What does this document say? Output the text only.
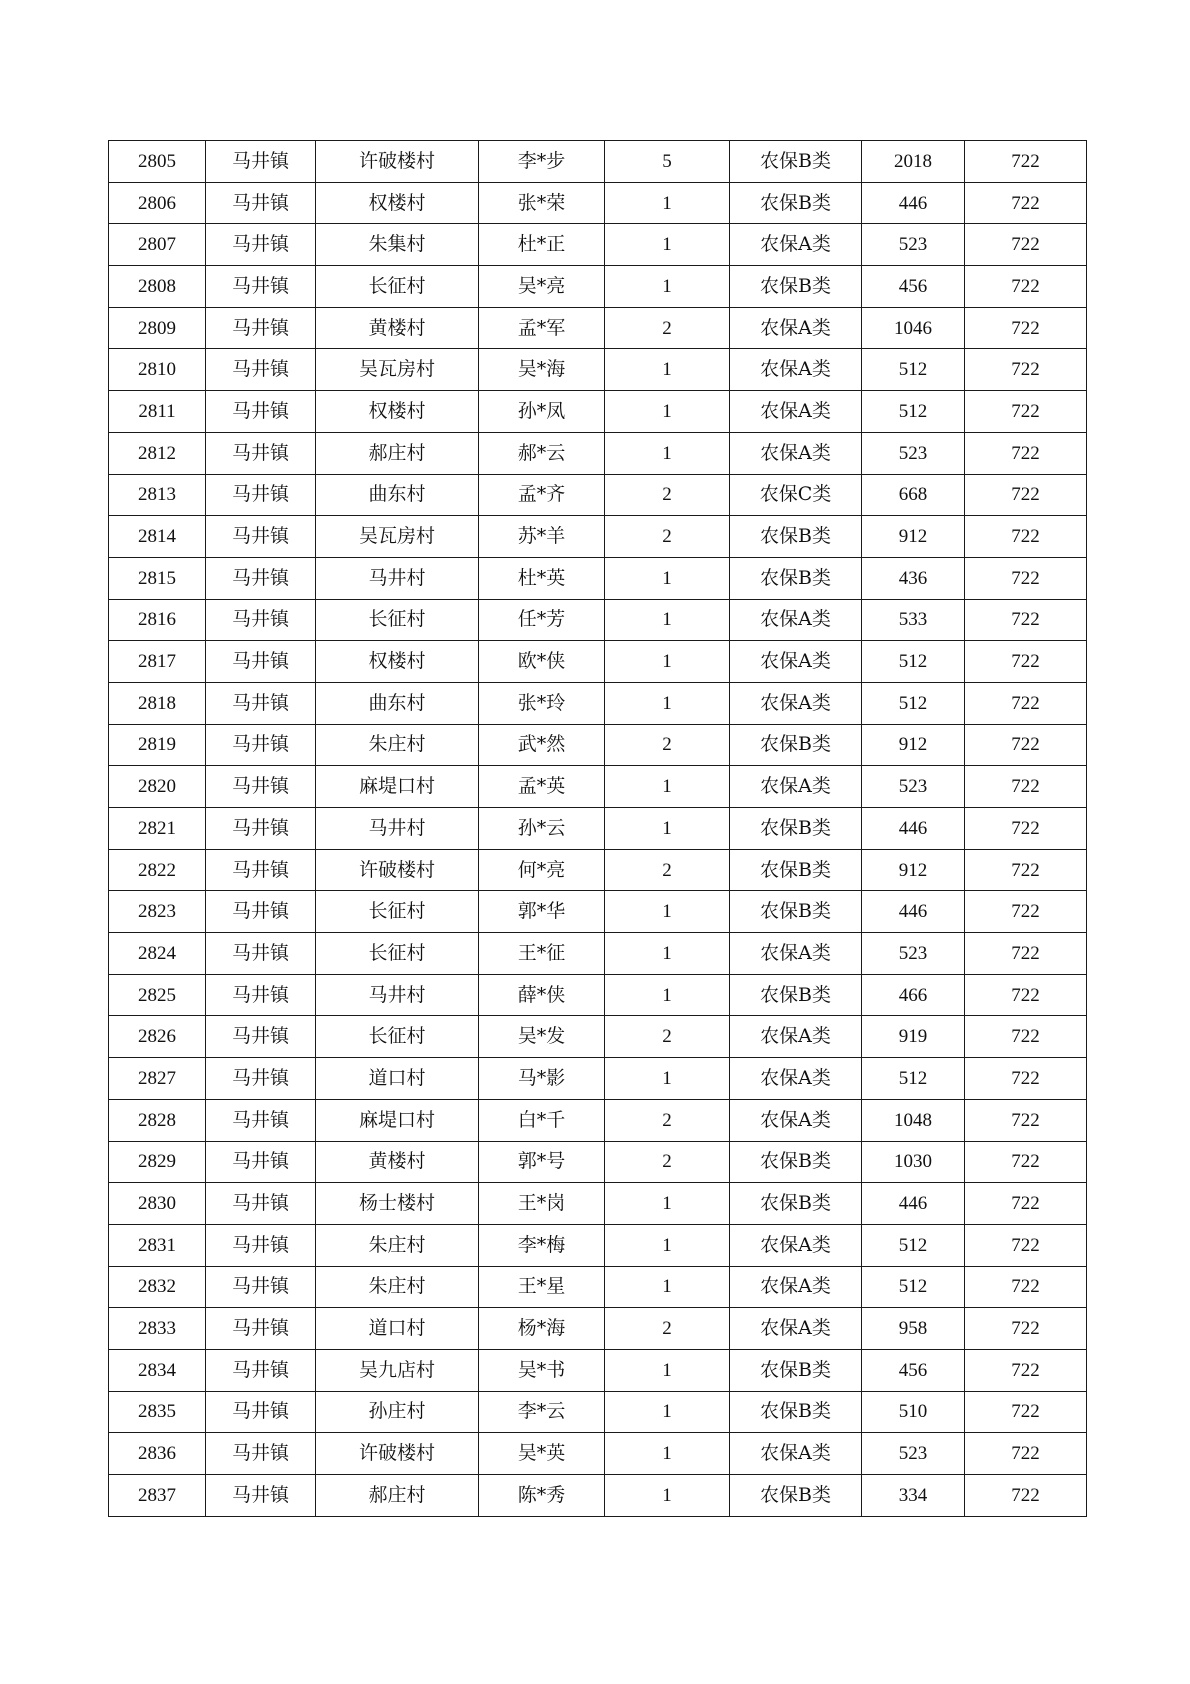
2805	马井镇	许破楼村	李*步	5	农保B类	2018	722
2806	马井镇	权楼村	张*荣	1	农保B类	446	722
2807	马井镇	朱集村	杜*正	1	农保A类	523	722
2808	马井镇	长征村	吴*亮	1	农保B类	456	722
2809	马井镇	黄楼村	孟*军	2	农保A类	1046	722
2810	马井镇	吴瓦房村	吴*海	1	农保A类	512	722
2811	马井镇	权楼村	孙*凤	1	农保A类	512	722
2812	马井镇	郝庄村	郝*云	1	农保A类	523	722
2813	马井镇	曲东村	孟*齐	2	农保C类	668	722
2814	马井镇	吴瓦房村	苏*羊	2	农保B类	912	722
2815	马井镇	马井村	杜*英	1	农保B类	436	722
2816	马井镇	长征村	任*芳	1	农保A类	533	722
2817	马井镇	权楼村	欧*侠	1	农保A类	512	722
2818	马井镇	曲东村	张*玲	1	农保A类	512	722
2819	马井镇	朱庄村	武*然	2	农保B类	912	722
2820	马井镇	麻堤口村	孟*英	1	农保A类	523	722
2821	马井镇	马井村	孙*云	1	农保B类	446	722
2822	马井镇	许破楼村	何*亮	2	农保B类	912	722
2823	马井镇	长征村	郭*华	1	农保B类	446	722
2824	马井镇	长征村	王*征	1	农保A类	523	722
2825	马井镇	马井村	薛*侠	1	农保B类	466	722
2826	马井镇	长征村	吴*发	2	农保A类	919	722
2827	马井镇	道口村	马*影	1	农保A类	512	722
2828	马井镇	麻堤口村	白*千	2	农保A类	1048	722
2829	马井镇	黄楼村	郭*号	2	农保B类	1030	722
2830	马井镇	杨士楼村	王*岗	1	农保B类	446	722
2831	马井镇	朱庄村	李*梅	1	农保A类	512	722
2832	马井镇	朱庄村	王*星	1	农保A类	512	722
2833	马井镇	道口村	杨*海	2	农保A类	958	722
2834	马井镇	吴九店村	吴*书	1	农保B类	456	722
2835	马井镇	孙庄村	李*云	1	农保B类	510	722
2836	马井镇	许破楼村	吴*英	1	农保A类	523	722
2837	马井镇	郝庄村	陈*秀	1	农保B类	334	722
